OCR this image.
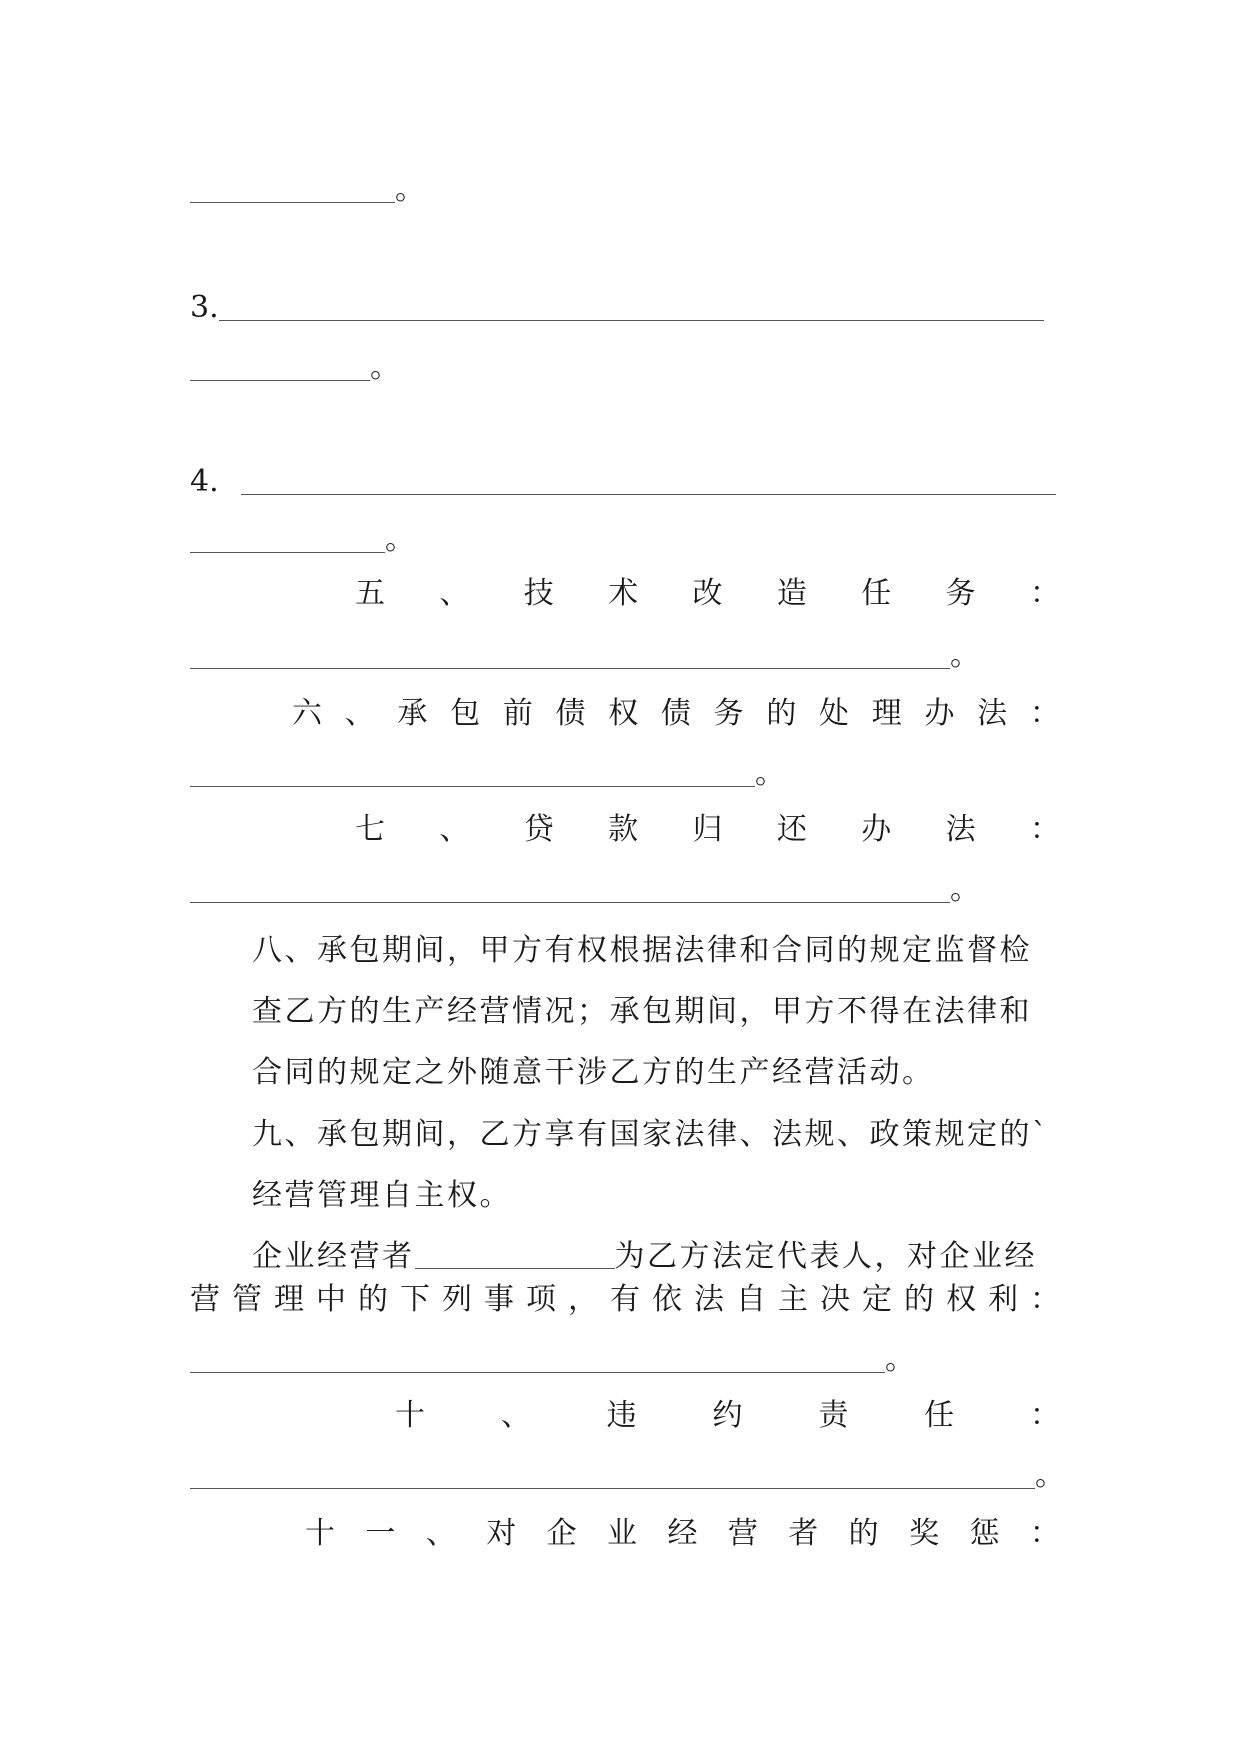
。
3.
。
4.
。
五 、 技 术 改 造 任 务 ：
。
六 、 承 包 前 债 权 债 务 的 处 理 办 法 ：
。
七 、 贷 款 归 还 办 法 ：
。
八、承包期间，甲方有权根据法律和合同的规定监督检查乙方的生产经营情况；承包期间，甲方不得在法律和合同的规定之外随意干涉乙方的生产经营活动。
九、承包期间，乙方享有国家法律、法规、政策规定的`经营管理自主权。
企业经营者	为乙方法定代表人，对企业经
营 管 理 中 的 下 列 事 项 ， 有 依 法 自 主 决 定 的 权 利 ：
。
十	、	违	约	责	任	：
。
十 一 、 对 企 业 经 营 者 的 奖 惩 ：
